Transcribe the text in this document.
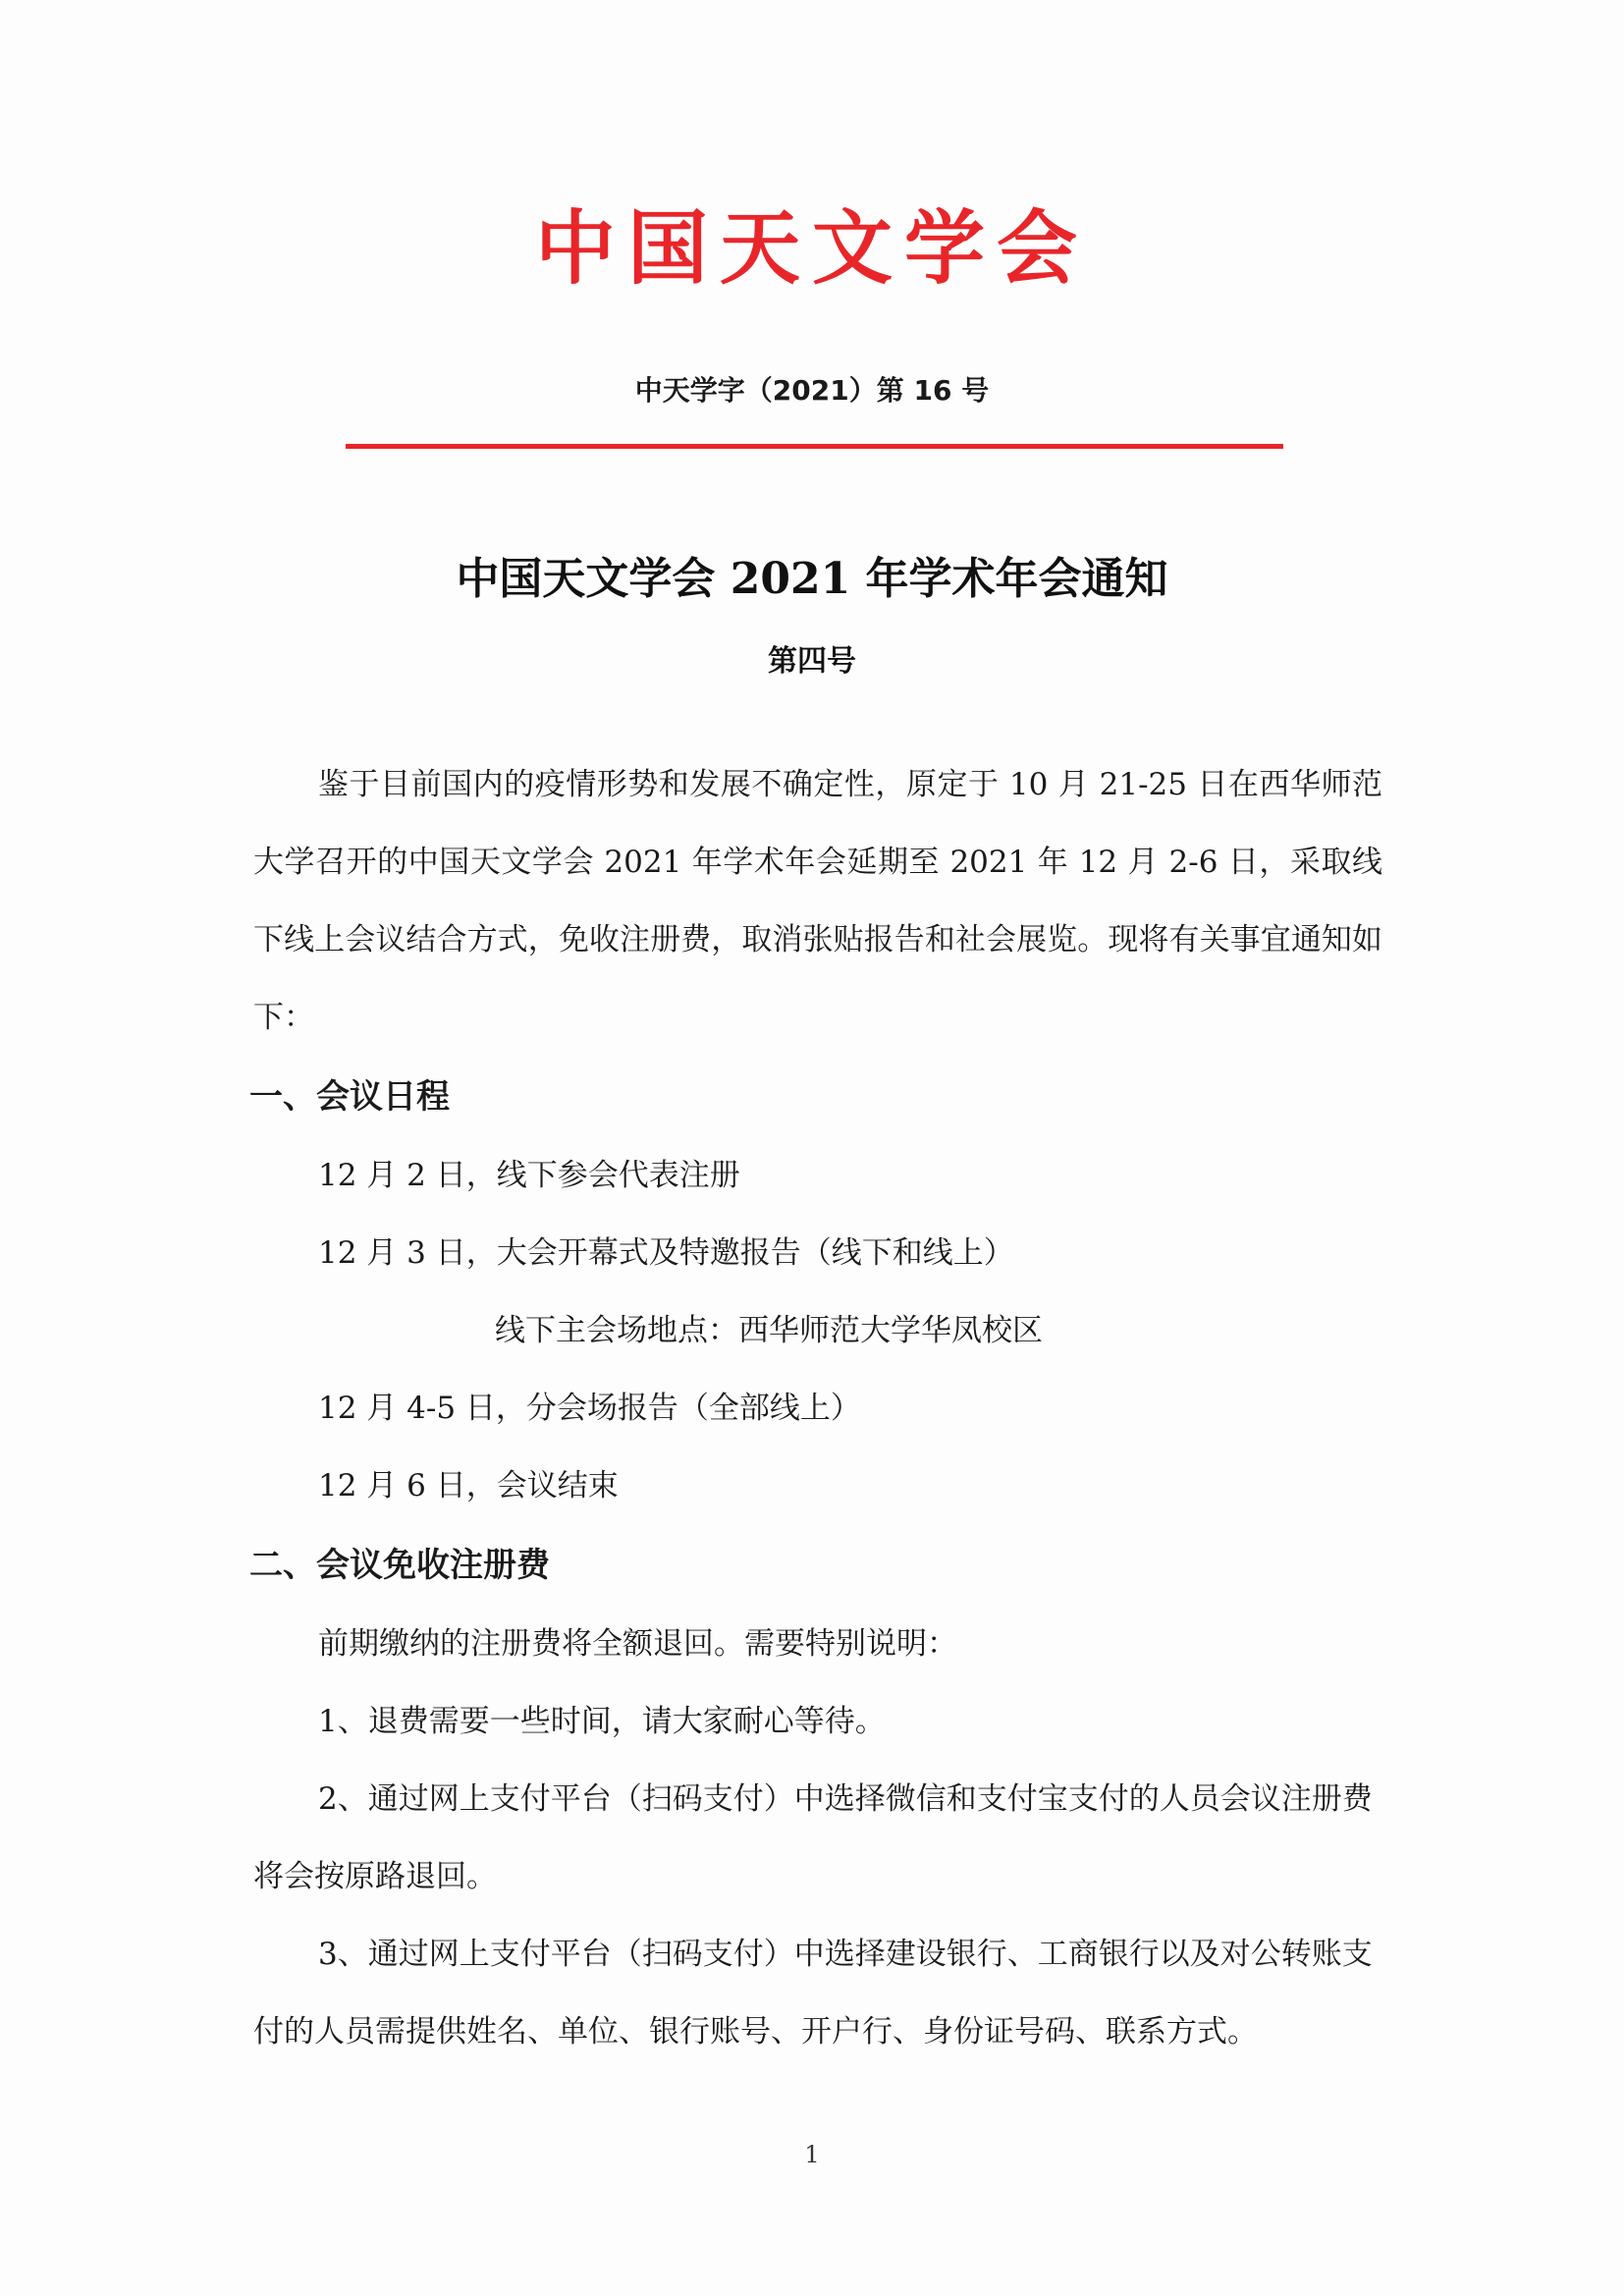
中国天文学会
中天学字（2021）第 16 号
中国天文学会 2021 年学术年会通知
第四号

鉴于目前国内的疫情形势和发展不确定性，原定于 10 月 21-25 日在西华师范大学召开的中国天文学会 2021 年学术年会延期至 2021 年 12 月 2-6 日，采取线下线上会议结合方式，免收注册费，取消张贴报告和社会展览。现将有关事宜通知如下：

一、会议日程

12 月 2 日，线下参会代表注册

12 月 3 日，大会开幕式及特邀报告（线下和线上）

线下主会场地点：西华师范大学华凤校区

12 月 4-5 日，分会场报告（全部线上）

12 月 6 日，会议结束

二、会议免收注册费

前期缴纳的注册费将全额退回。需要特别说明：

1、退费需要一些时间，请大家耐心等待。

2、通过网上支付平台（扫码支付）中选择微信和支付宝支付的人员会议注册费将会按原路退回。

3、通过网上支付平台（扫码支付）中选择建设银行、工商银行以及对公转账支付的人员需提供姓名、单位、银行账号、开户行、身份证号码、联系方式。

1
